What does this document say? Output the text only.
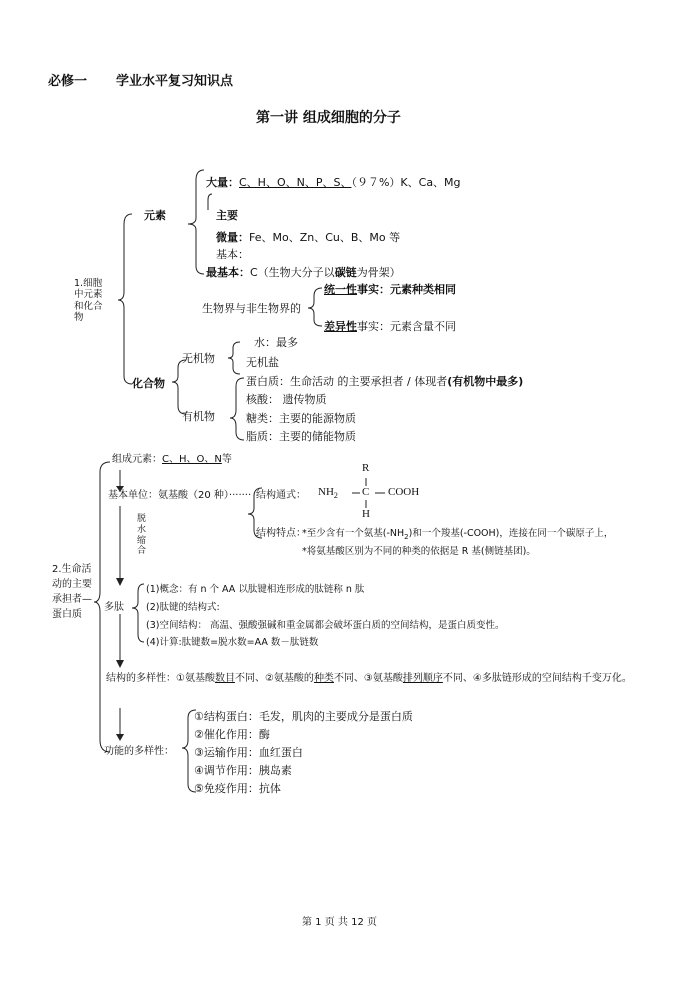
必修一 学业水平复习知识点
第一讲 组成细胞的分子
1.细胞中元素和化合物
元素
大量：C、H、O、N、P、S、（９７%）K、Ca、Mg
主要
微量：Fe、Mo、Zn、Cu、B、Mo 等
基本：
最基本：C（生物大分子以碳链为骨架）
生物界与非生物界的
统一性事实：元素种类相同
差异性事实：元素含量不同
化合物
无机物
水：最多
无机盐
有机物
蛋白质：生命活动 的主要承担者 / 体现者(有机物中最多)
核酸： 遗传物质
糖类：主要的能源物质
脂质：主要的储能物质
2.生命活动的主要承担者—蛋白质
组成元素：C、H、O、N等
基本单位：氨基酸（20 种）······· 结构通式：
R
$NH_2$ C COOH
H
结构特点：
*至少含有一个氨基$(-NH_2)$和一个羧基(-COOH)，连接在同一个碳原子上，
*将氨基酸区别为不同的种类的依据是 R 基(侧链基团)。
脱水缩合
多肽
(1)概念：有 n 个 AA 以肽键相连形成的肽链称 n 肽
(2)肽键的结构式:
(3)空间结构： 高温、强酸强碱和重金属都会破坏蛋白质的空间结构，是蛋白质变性。
(4)计算:肽键数=脱水数=AA 数－肽链数
结构的多样性：①氨基酸数目不同、②氨基酸的种类不同、③氨基酸排列顺序不同、④多肽链形成的空间结构千变万化。
功能的多样性：
①结构蛋白：毛发，肌肉的主要成分是蛋白质
②催化作用：酶
③运输作用：血红蛋白
④调节作用：胰岛素
⑤免疫作用：抗体
第 1 页 共 12 页
